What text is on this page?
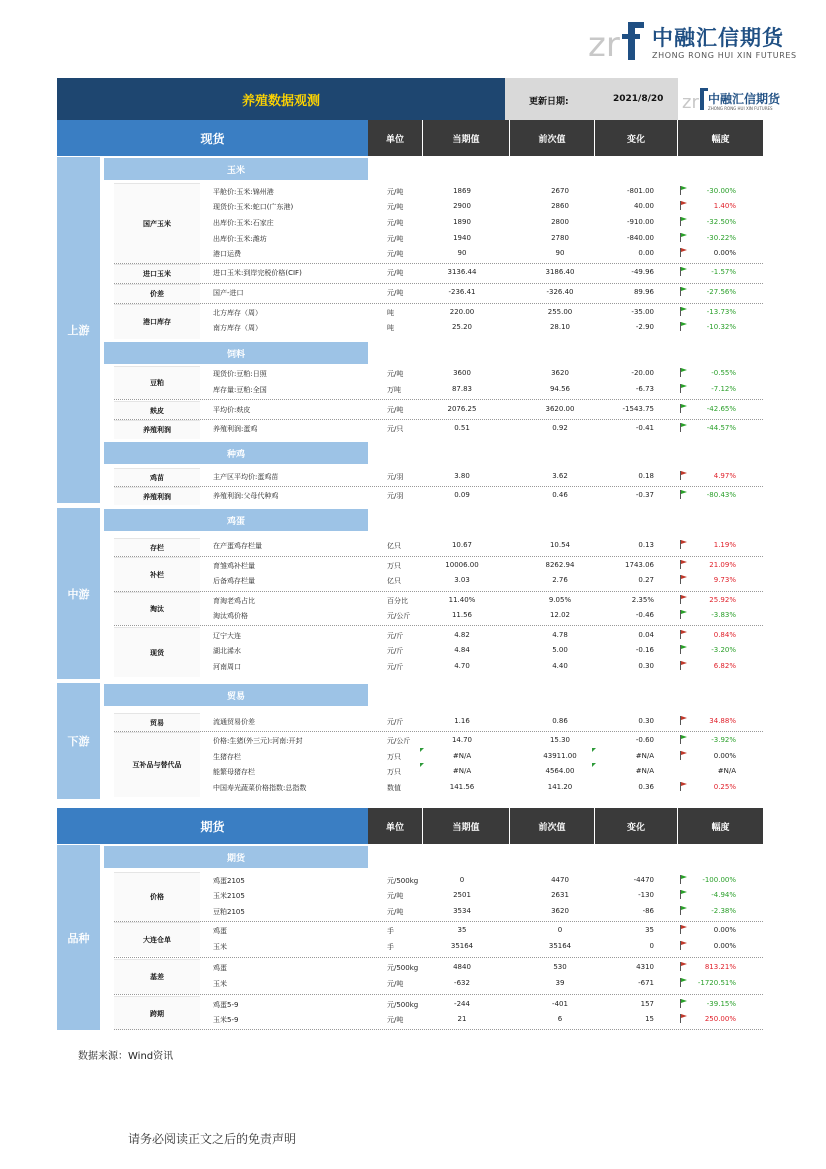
zr 中融汇信期货
ZHONG RONG HUI XIN FUTURES
养殖数据观测	更新日期:	2021/8/20 zr 中融汇信期货
ZHONG RONG HUI XIN FUTURES
现货	单位	当期值	前次值	变化	幅度
上游
中游
下游
品种
玉米
饲料
种鸡
鸡蛋
贸易
期货
国产玉米
进口玉米
价差
港口库存
豆粕
麸皮
养殖利润
鸡苗
养殖利润
存栏
补栏
淘汰
现货
贸易
互补品与替代品
期货	单位	当期值	前次值	变化	幅度
价格
大连仓单
基差
跨期
平舱价:玉米:锦州港	元/吨	1869	2670	-801.00	-30.00%
现货价:玉米:蛇口(广东港)	元/吨	2900	2860	40.00	1.40%
出库价:玉米:石家庄	元/吨	1890	2800	-910.00	-32.50%
出库价:玉米:潍坊	元/吨	1940	2780	-840.00	-30.22%
港口运费	元/吨	90	90	0.00	0.00%
进口玉米:到岸完税价格(CIF)	元/吨	3136.44	3186.40	-49.96	-1.57%
国产-进口	元/吨	-236.41	-326.40	89.96	-27.56%
北方库存（周）	吨	220.00	255.00	-35.00	-13.73%
南方库存（周）	吨	25.20	28.10	-2.90	-10.32%
现货价:豆粕:日照	元/吨	3600	3620	-20.00	-0.55%
库存量:豆粕:全国	万吨	87.83	94.56	-6.73	-7.12%
平均价:麸皮	元/吨	2076.25	3620.00	-1543.75	-42.65%
养殖利润:蛋鸡	元/只	0.51	0.92	-0.41	-44.57%
主产区平均价:蛋鸡苗	元/羽	3.80	3.62	0.18	4.97%
养殖利润:父母代种鸡	元/羽	0.09	0.46	-0.37	-80.43%
在产蛋鸡存栏量	亿只	10.67	10.54	0.13	1.19%
育雏鸡补栏量	万只	10006.00	8262.94	1743.06	21.09%
后备鸡存栏量	亿只	3.03	2.76	0.27	9.73%
育淘老鸡占比	百分比	11.40%	9.05%	2.35%	25.92%
淘汰鸡价格	元/公斤	11.56	12.02	-0.46	-3.83%
辽宁大连	元/斤	4.82	4.78	0.04	0.84%
湖北浠水	元/斤	4.84	5.00	-0.16	-3.20%
河南周口	元/斤	4.70	4.40	0.30	6.82%
流通贸易价差	元/斤	1.16	0.86	0.30	34.88%
价格:生猪(外三元):河南:开封	元/公斤	14.70	15.30	-0.60	-3.92%
生猪存栏	万只	#N/A	43911.00	#N/A	0.00%
能繁母猪存栏	万只	#N/A	4564.00	#N/A	#N/A
中国寿光蔬菜价格指数:总指数	数值	141.56	141.20	0.36	0.25%
鸡蛋2105	元/500kg	0	4470	-4470	-100.00%
玉米2105	元/吨	2501	2631	-130	-4.94%
豆粕2105	元/吨	3534	3620	-86	-2.38%
鸡蛋	手	35	0	35	0.00%
玉米	手	35164	35164	0	0.00%
鸡蛋	元/500kg	4840	530	4310	813.21%
玉米	元/吨	-632	39	-671	-1720.51%
鸡蛋5-9	元/500kg	-244	-401	157	-39.15%
玉米5-9	元/吨	21	6	15	250.00%
数据来源：Wind资讯
请务必阅读正文之后的免责声明
